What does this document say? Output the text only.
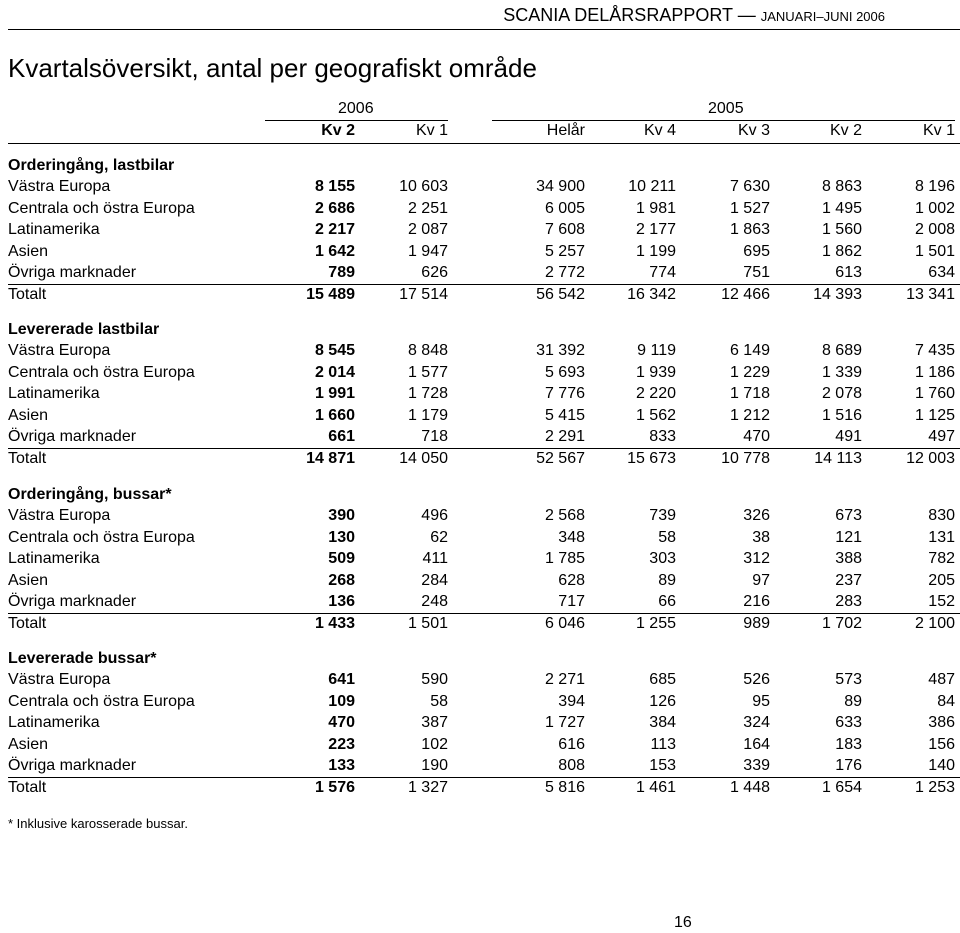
SCANIA DELÅRSRAPPORT — JANUARI–JUNI 2006
Kvartalsöversikt, antal per geografiskt område
2006	2005
Kv 2	Kv 1	Helår	Kv 4	Kv 3	Kv 2	Kv 1
Orderingång, lastbilar
Västra Europa	8 155	10 603	34 900	10 211	7 630	8 863	8 196
Centrala och östra Europa	2 686	2 251	6 005	1 981	1 527	1 495	1 002
Latinamerika	2 217	2 087	7 608	2 177	1 863	1 560	2 008
Asien	1 642	1 947	5 257	1 199	695	1 862	1 501
Övriga marknader	789	626	2 772	774	751	613	634
Totalt	15 489	17 514	56 542	16 342	12 466	14 393	13 341
Levererade lastbilar
Västra Europa	8 545	8 848	31 392	9 119	6 149	8 689	7 435
Centrala och östra Europa	2 014	1 577	5 693	1 939	1 229	1 339	1 186
Latinamerika	1 991	1 728	7 776	2 220	1 718	2 078	1 760
Asien	1 660	1 179	5 415	1 562	1 212	1 516	1 125
Övriga marknader	661	718	2 291	833	470	491	497
Totalt	14 871	14 050	52 567	15 673	10 778	14 113	12 003
Orderingång, bussar*
Västra Europa	390	496	2 568	739	326	673	830
Centrala och östra Europa	130	62	348	58	38	121	131
Latinamerika	509	411	1 785	303	312	388	782
Asien	268	284	628	89	97	237	205
Övriga marknader	136	248	717	66	216	283	152
Totalt	1 433	1 501	6 046	1 255	989	1 702	2 100
Levererade bussar*
Västra Europa	641	590	2 271	685	526	573	487
Centrala och östra Europa	109	58	394	126	95	89	84
Latinamerika	470	387	1 727	384	324	633	386
Asien	223	102	616	113	164	183	156
Övriga marknader	133	190	808	153	339	176	140
Totalt	1 576	1 327	5 816	1 461	1 448	1 654	1 253
* Inklusive karosserade bussar.
16
